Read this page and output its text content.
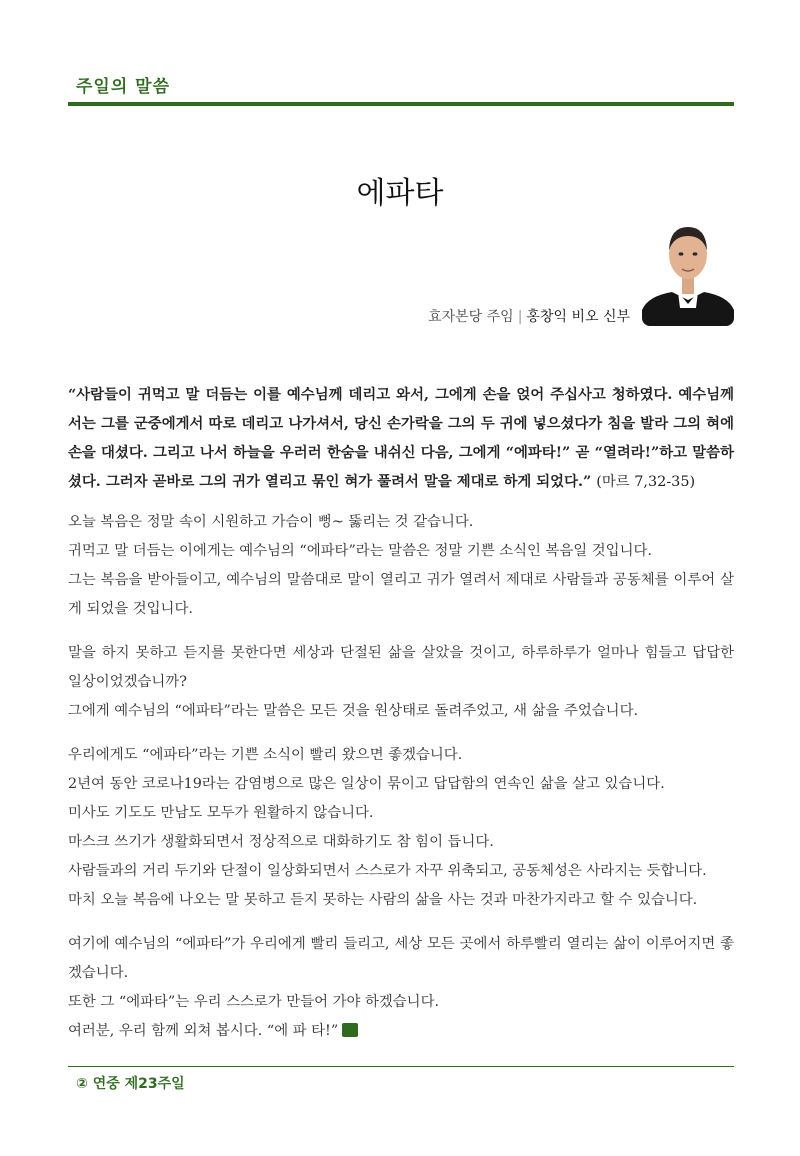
주일의 말씀
에파타
효자본당 주임 | 홍창익 비오 신부
“사람들이 귀먹고 말 더듬는 이를 예수님께 데리고 와서, 그에게 손을 얹어 주십사고 청하였다. 예수님께서는 그를 군중에게서 따로 데리고 나가셔서, 당신 손가락을 그의 두 귀에 넣으셨다가 침을 발라 그의 혀에 손을 대셨다. 그리고 나서 하늘을 우러러 한숨을 내쉬신 다음, 그에게 “에파타!” 곧 “열려라!”하고 말씀하셨다. 그러자 곧바로 그의 귀가 열리고 묶인 혀가 풀려서 말을 제대로 하게 되었다.” (마르 7,32-35)

오늘 복음은 정말 속이 시원하고 가슴이 뻥~ 뚫리는 것 같습니다.

귀먹고 말 더듬는 이에게는 예수님의 “에파타”라는 말씀은 정말 기쁜 소식인 복음일 것입니다.

그는 복음을 받아들이고, 예수님의 말씀대로 말이 열리고 귀가 열려서 제대로 사람들과 공동체를 이루어 살게 되었을 것입니다.

말을 하지 못하고 듣지를 못한다면 세상과 단절된 삶을 살았을 것이고, 하루하루가 얼마나 힘들고 답답한 일상이었겠습니까?

그에게 예수님의 “에파타”라는 말씀은 모든 것을 원상태로 돌려주었고, 새 삶을 주었습니다.

우리에게도 “에파타”라는 기쁜 소식이 빨리 왔으면 좋겠습니다.

2년여 동안 코로나19라는 감염병으로 많은 일상이 묶이고 답답함의 연속인 삶을 살고 있습니다.

미사도 기도도 만남도 모두가 원활하지 않습니다.

마스크 쓰기가 생활화되면서 정상적으로 대화하기도 참 힘이 듭니다.

사람들과의 거리 두기와 단절이 일상화되면서 스스로가 자꾸 위축되고, 공동체성은 사라지는 듯합니다.

마치 오늘 복음에 나오는 말 못하고 듣지 못하는 사람의 삶을 사는 것과 마찬가지라고 할 수 있습니다.

여기에 예수님의 “에파타”가 우리에게 빨리 들리고, 세상 모든 곳에서 하루빨리 열리는 삶이 이루어지면 좋겠습니다.

또한 그 “에파타”는 우리 스스로가 만들어 가야 하겠습니다.

여러분, 우리 함께 외쳐 봅시다. “에 파 타!”

② 연중 제23주일
